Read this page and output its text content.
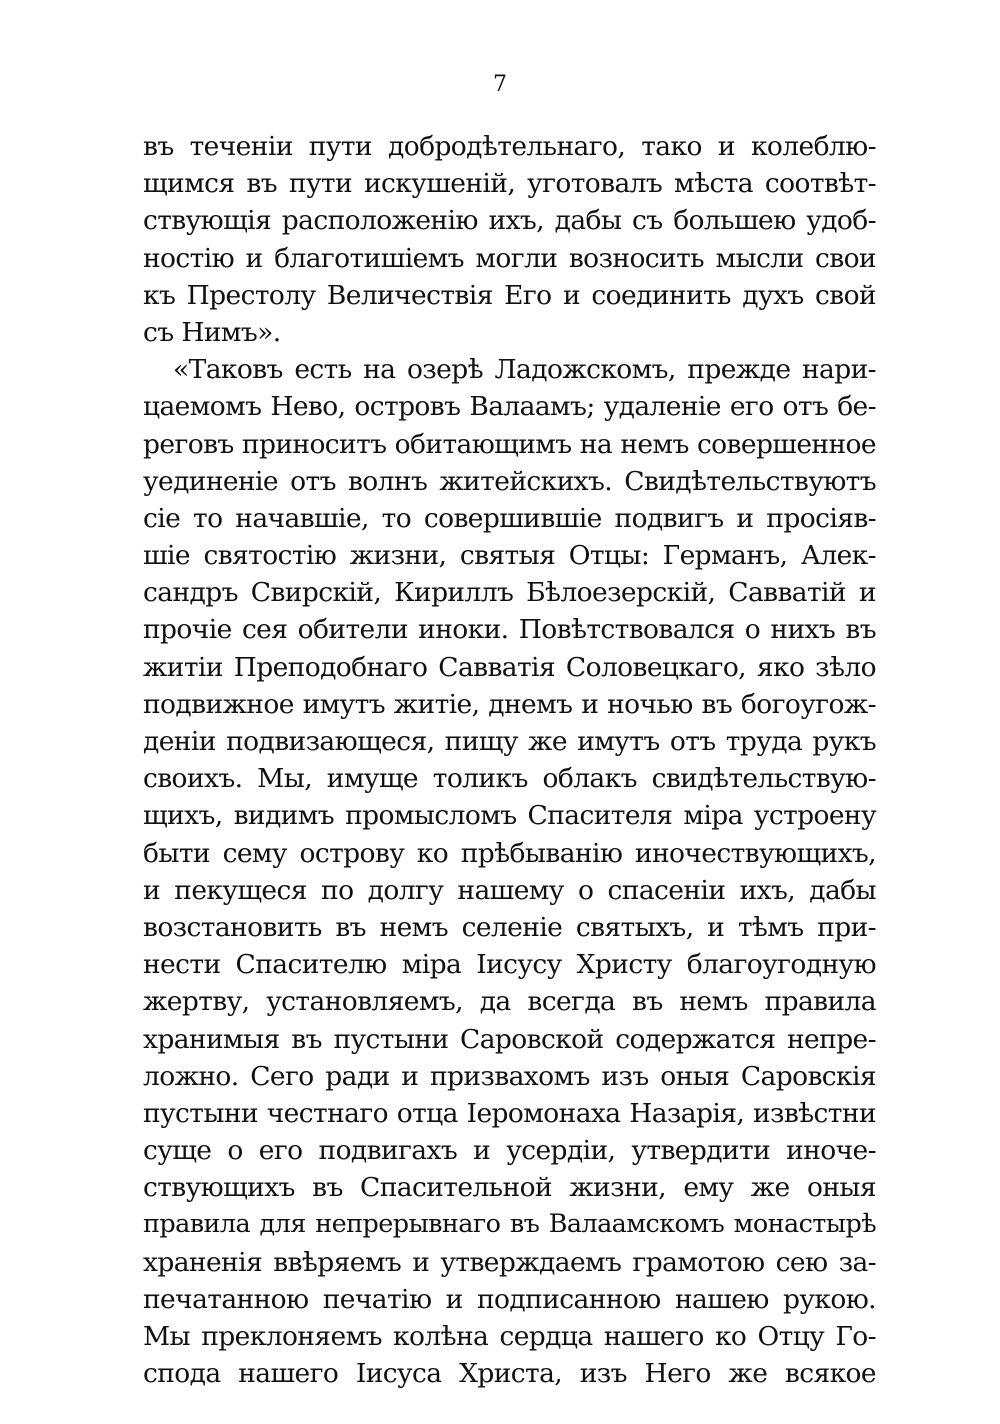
7
въ теченіи пути добродѣтельнаго, тако и колеблю-
щимся въ пути искушеній, уготовалъ мѣста соотвѣт-
ствующія расположенію ихъ, дабы съ большею удоб-
ностію и благотишіемъ могли возносить мысли свои
къ Престолу Величествія Его и соединить духъ свой
съ Нимъ».
«Таковъ есть на озерѣ Ладожскомъ, прежде нари-
цаемомъ Нево, островъ Валаамъ; удаленіе его отъ бе-
реговъ приноситъ обитающимъ на немъ совершенное
уединеніе отъ волнъ житейскихъ. Свидѣтельствуютъ
сіе то начавшіе, то совершившіе подвигъ и просіяв-
шіе святостію жизни, святыя Отцы: Германъ, Алек-
сандръ Свирскій, Кириллъ Бѣлоезерскій, Савватій и
прочіе сея обители иноки. Повѣтствовался о нихъ въ
житіи Преподобнаго Савватія Соловецкаго, яко зѣло
подвижное имутъ житіе, днемъ и ночью въ богоугож-
деніи подвизающеся, пищу же имутъ отъ труда рукъ
своихъ. Мы, имуще толикъ облакъ свидѣтельствую-
щихъ, видимъ промысломъ Спасителя міра устроену
быти сему острову ко прѣбыванію иночествующихъ,
и пекущеся по долгу нашему о спасеніи ихъ, дабы
возстановить въ немъ селеніе святыхъ, и тѣмъ при-
нести Спасителю міра Іисусу Христу благоугодную
жертву, установляемъ, да всегда въ немъ правила
хранимыя въ пустыни Саровской содержатся непре-
ложно. Сего ради и призвахомъ изъ оныя Саровскія
пустыни честнаго отца Іеромонаха Назарія, извѣстни
суще о его подвигахъ и усердіи, утвердити иноче-
ствующихъ въ Спасительной жизни, ему же оныя
правила для непрерывнаго въ Валаамскомъ монастырѣ
храненія ввѣряемъ и утверждаемъ грамотою сею за-
печатанною печатію и подписанною нашею рукою.
Мы преклоняемъ колѣна сердца нашего ко Отцу Го-
спода нашего Іисуса Христа, изъ Него же всякое
